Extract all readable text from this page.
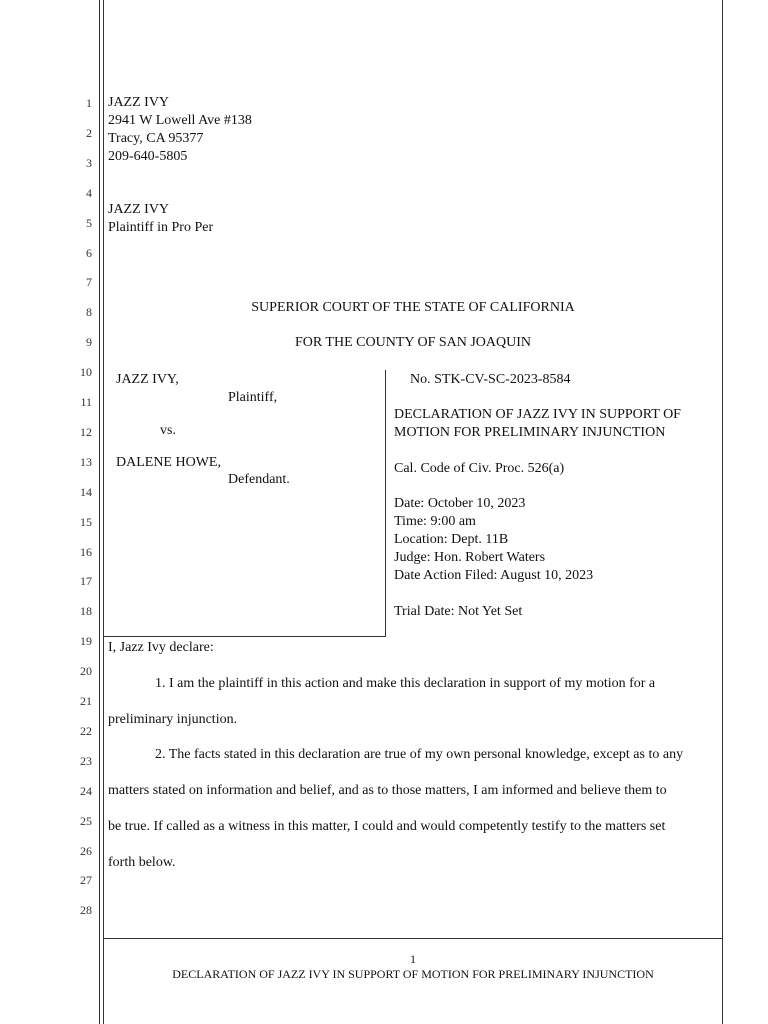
1
2
3
4
5
6
7
8
9
10
11
12
13
14
15
16
17
18
19
20
21
22
23
24
25
26
27
28
JAZZ IVY
2941 W Lowell Ave #138
Tracy, CA 95377
209-640-5805
JAZZ IVY
Plaintiff in Pro Per
SUPERIOR COURT OF THE STATE OF CALIFORNIA
FOR THE COUNTY OF SAN JOAQUIN
JAZZ IVY,
Plaintiff,
vs.
DALENE HOWE,
Defendant.
No. STK-CV-SC-2023-8584
DECLARATION OF JAZZ IVY IN SUPPORT OF
MOTION FOR PRELIMINARY INJUNCTION
Cal. Code of Civ. Proc. 526(a)
Date: October 10, 2023
Time: 9:00 am
Location: Dept. 11B
Judge: Hon. Robert Waters
Date Action Filed: August 10, 2023
Trial Date: Not Yet Set
I, Jazz Ivy declare:
1. I am the plaintiff in this action and make this declaration in support of my motion for a
preliminary injunction.
2. The facts stated in this declaration are true of my own personal knowledge, except as to any
matters stated on information and belief, and as to those matters, I am informed and believe them to
be true. If called as a witness in this matter, I could and would competently testify to the matters set
forth below.
1
DECLARATION OF JAZZ IVY IN SUPPORT OF MOTION FOR PRELIMINARY INJUNCTION
